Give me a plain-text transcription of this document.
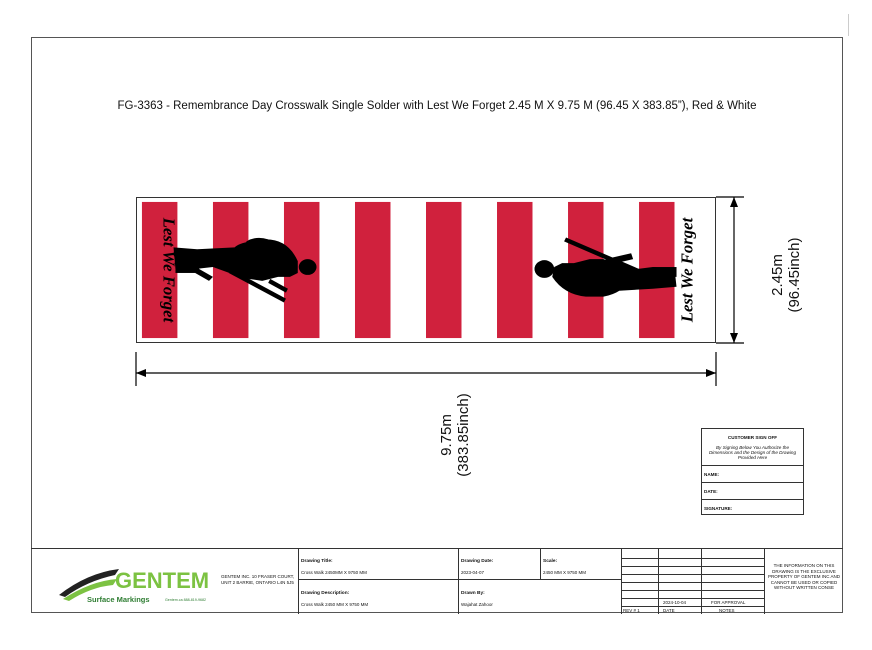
FG-3363 - Remembrance Day Crosswalk Single Solder with Lest We Forget 2.45 M X 9.75 M (96.45 X 383.85”), Red & White
Lest We Forget	Lest We Forget	2.45m (96.45inch)
9.75m (383.85inch)	CUSTOMER SIGN OFF
By Signing Below You Authorize the Dimensions and the Design of the Drawing Provided Here
NAME:
DATE:
SIGNATURE:
GENTEM
Surface Markings	Gentem.ca 888-819-9682
GENTEM INC. 10 FRASER COURT, UNIT 2 BARRIE, ONTARIO L4N 5J5
Drawing Title:

Cross Walk 2450MM X 9750 MM
Drawing Description:

Cross Walk 2450 MM X 9750 MM
Drawing Date:

2023-04-07
Drawn By:

Wajahat Zahoor
Scale:

2450 MM X 9750 MM
2024-10-04	FOR APPROVAL
REV # 1	DATE	NOTES
THE INFORMATION ON THIS DRAWING IS THE EXCLUSIVE PROPERTY OF GENTEM INC AND CANNOT BE USED OR COPIED WITHOUT WRITTEN CONSE
